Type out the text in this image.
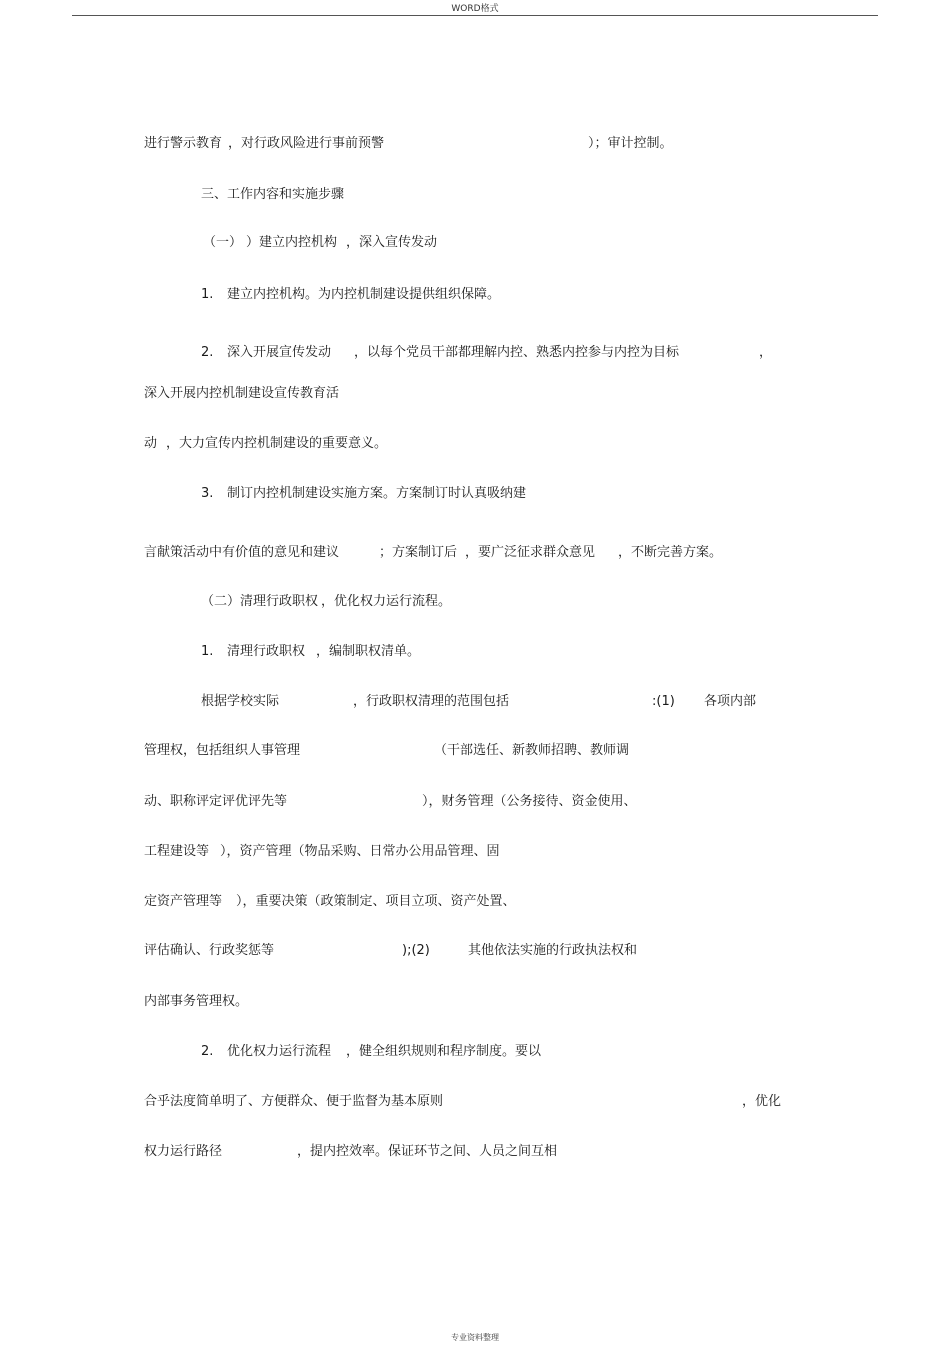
WORD格式
进行警示教育 ，对行政风险进行事前预警	）；审计控制。
三、工作内容和实施步骤
（一） ）建立内控机构 ，深入宣传发动
1. 建立内控机构。为内控机制建设提供组织保障。
2. 深入开展宣传发动 ，以每个党员干部都理解内控、熟悉内控参与内控为目标	，
深入开展内控机制建设宣传教育活
动 ，大力宣传内控机制建设的重要意义。
3. 制订内控机制建设实施方案。方案制订时认真吸纳建
言献策活动中有价值的意见和建议	；方案制订后 ，要广泛征求群众意见 ，不断完善方案。
（二）清理行政职权 ，优化权力运行流程。
1. 清理行政职权 ，编制职权清单。
根据学校实际	，行政职权清理的范围包括	:(1) 各项内部
管理权，包括组织人事管理	（干部选任、新教师招聘、教师调
动、职称评定评优评先等	），财务管理（公务接待、资金使用、
工程建设等 ），资产管理（物品采购、日常办公用品管理、固
定资产管理等 ），重要决策（政策制定、项目立项、资产处置、
评估确认、行政奖惩等	);(2)	其他依法实施的行政执法权和
内部事务管理权。
2. 优化权力运行流程 ，健全组织规则和程序制度。要以
合乎法度简单明了、方便群众、便于监督为基本原则	，优化
权力运行路径	，提内控效率。保证环节之间、人员之间互相
专业资料整理
